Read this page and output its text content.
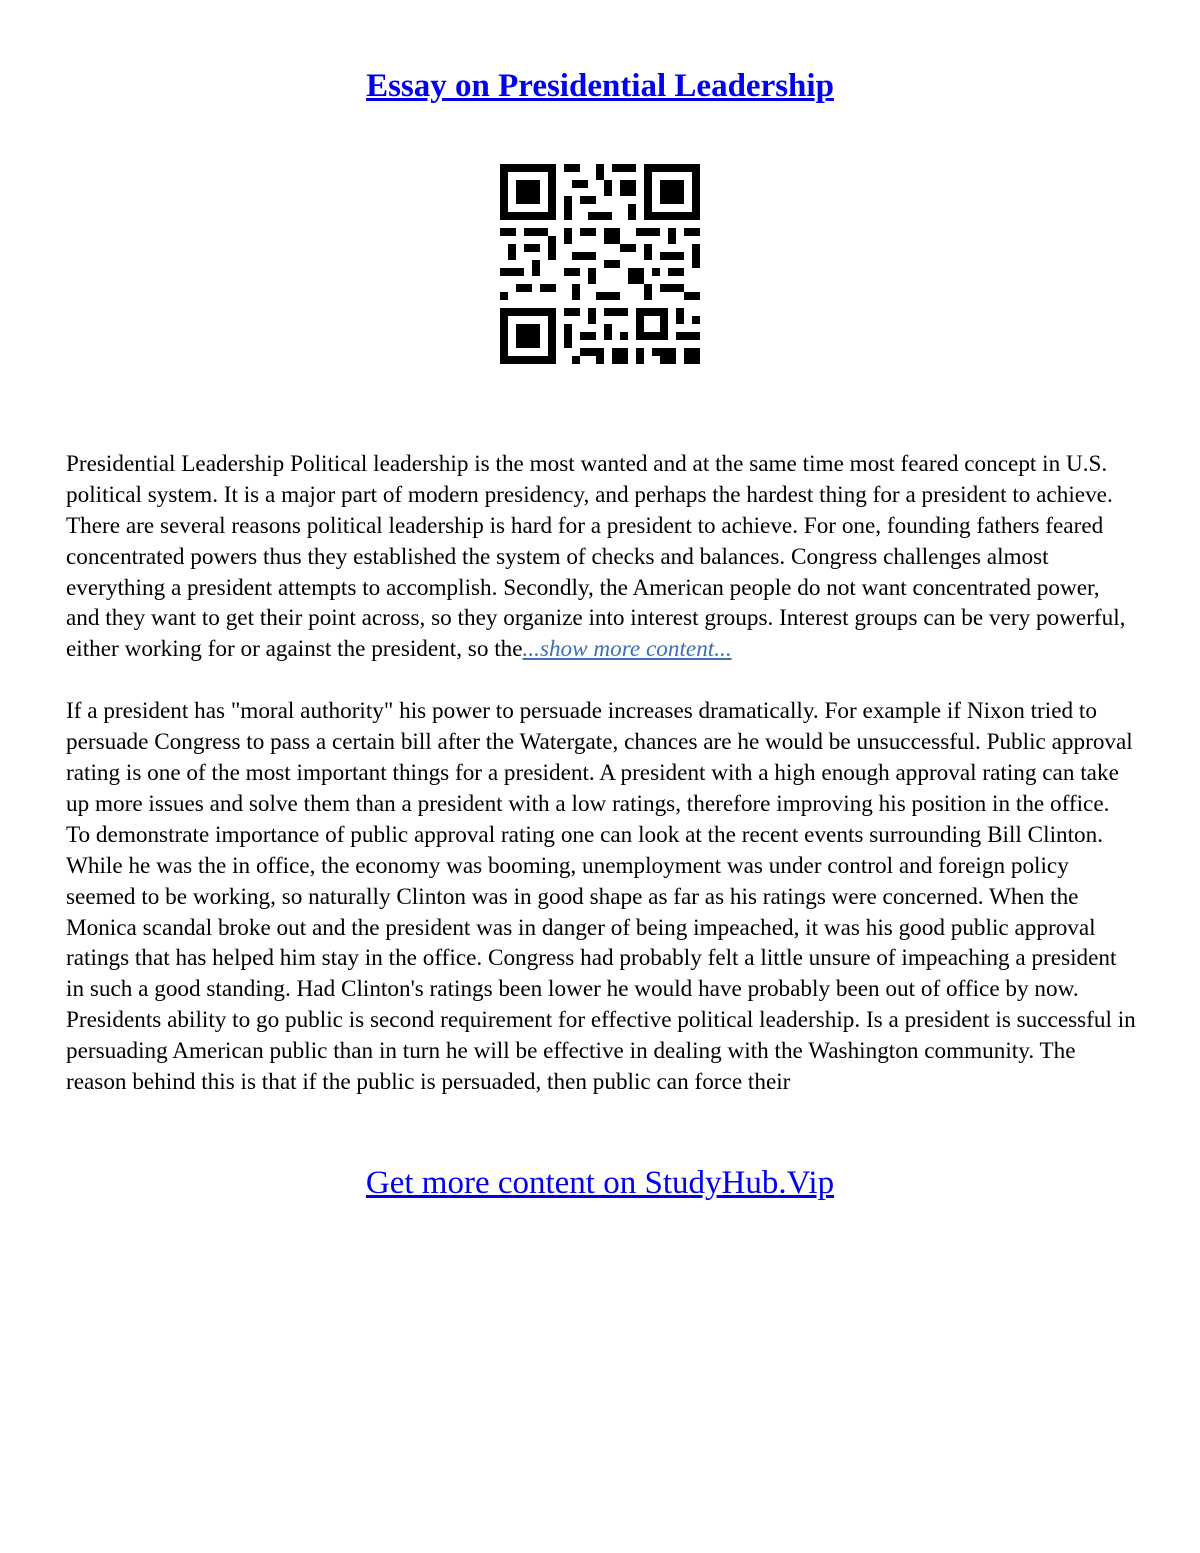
Essay on Presidential Leadership

Presidential Leadership Political leadership is the most wanted and at the same time most feared concept in U.S. political system. It is a major part of modern presidency, and perhaps the hardest thing for a president to achieve. There are several reasons political leadership is hard for a president to achieve. For one, founding fathers feared concentrated powers thus they established the system of checks and balances. Congress challenges almost everything a president attempts to accomplish. Secondly, the American people do not want concentrated power, and they want to get their point across, so they organize into interest groups. Interest groups can be very powerful, either working for or against the president, so the...show more content...

If a president has "moral authority" his power to persuade increases dramatically. For example if Nixon tried to persuade Congress to pass a certain bill after the Watergate, chances are he would be unsuccessful. Public approval rating is one of the most important things for a president. A president with a high enough approval rating can take up more issues and solve them than a president with a low ratings, therefore improving his position in the office. To demonstrate importance of public approval rating one can look at the recent events surrounding Bill Clinton. While he was the in office, the economy was booming, unemployment was under control and foreign policy seemed to be working, so naturally Clinton was in good shape as far as his ratings were concerned. When the Monica scandal broke out and the president was in danger of being impeached, it was his good public approval ratings that has helped him stay in the office. Congress had probably felt a little unsure of impeaching a president in such a good standing. Had Clinton's ratings been lower he would have probably been out of office by now. Presidents ability to go public is second requirement for effective political leadership. Is a president is successful in persuading American public than in turn he will be effective in dealing with the Washington community. The reason behind this is that if the public is persuaded, then public can force their

Get more content on StudyHub.Vip
